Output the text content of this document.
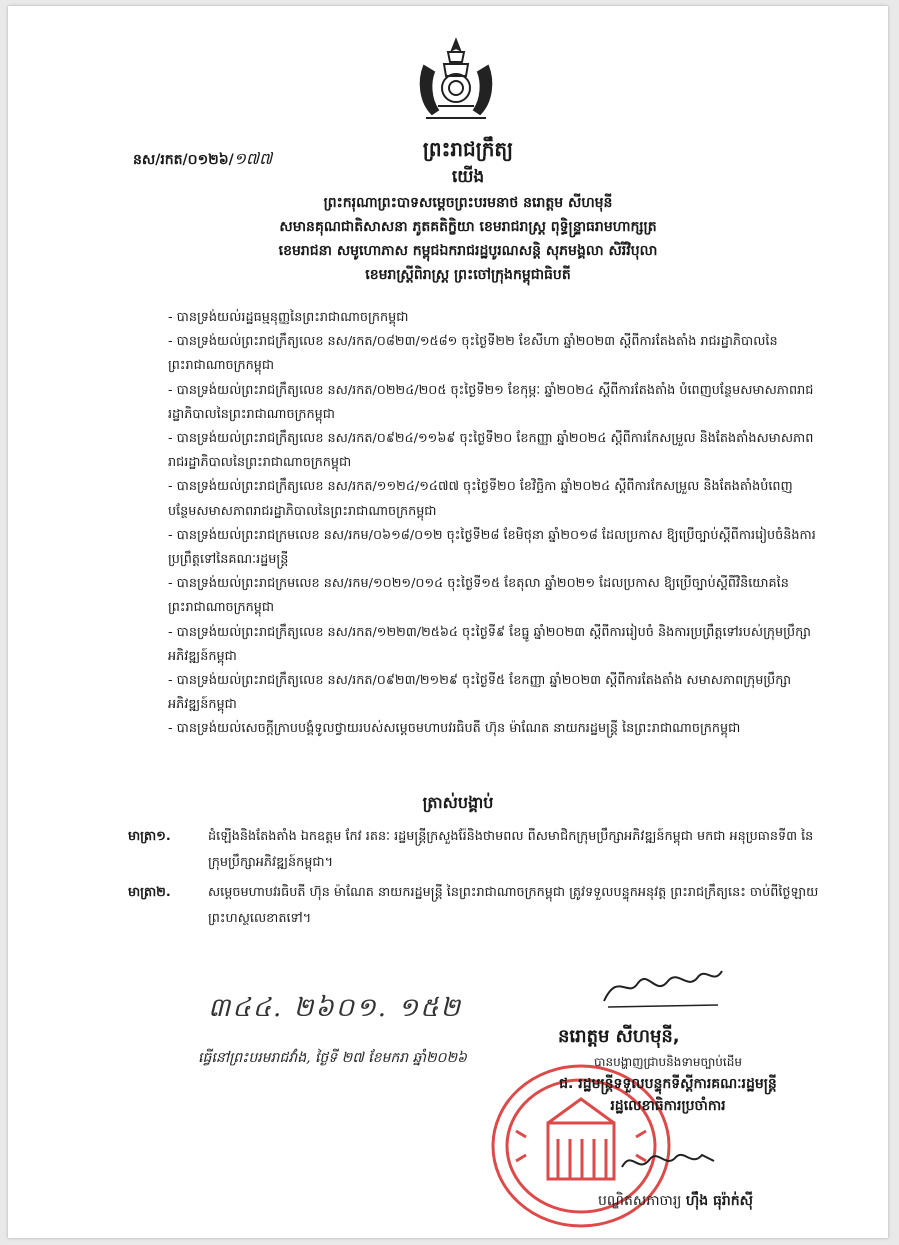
នស/រកត/០១២៦/១៧៧	ព្រះរាជក្រឹត្យ
យើង
ព្រះករុណាព្រះបាទសម្តេចព្រះបរមនាថ នរោត្តម សីហមុនី
សមានគុណជាតិសាសនា ភូតគតិក្ខិយា ខេមរាជរាស្ត្រ ពុទ្ធិន្ទ្រាធរាមហាក្សត្រ
ខេមរាជនា សមូហោភាស កម្ពុជឯករាជរដ្ឋបូរណសន្តិ សុភមង្គលា សិរីវិបុលា
ខេមរាស្ត្រីពិរាស្ត្រ ព្រះចៅក្រុងកម្ពុជាធិបតី
- បានទ្រង់យល់រដ្ឋធម្មនុញ្ញនៃព្រះរាជាណាចក្រកម្ពុជា
- បានទ្រង់យល់ព្រះរាជក្រឹត្យលេខ នស/រកត/០៨២៣/១៥៨១ ចុះថ្ងៃទី២២ ខែសីហា ឆ្នាំ២០២៣ ស្តីពីការតែងតាំង រាជរដ្ឋាភិបាលនៃព្រះរាជាណាចក្រកម្ពុជា
- បានទ្រង់យល់ព្រះរាជក្រឹត្យលេខ នស/រកត/០២២៤/២០៥ ចុះថ្ងៃទី២១ ខែកុម្ភៈ ឆ្នាំ២០២៤ ស្តីពីការតែងតាំង បំពេញបន្ថែមសមាសភាពរាជរដ្ឋាភិបាលនៃព្រះរាជាណាចក្រកម្ពុជា
- បានទ្រង់យល់ព្រះរាជក្រឹត្យលេខ នស/រកត/០៩២៤/១១៦៩ ចុះថ្ងៃទី២០ ខែកញ្ញា ឆ្នាំ២០២៤ ស្តីពីការកែសម្រួល និងតែងតាំងសមាសភាពរាជរដ្ឋាភិបាលនៃព្រះរាជាណាចក្រកម្ពុជា
- បានទ្រង់យល់ព្រះរាជក្រឹត្យលេខ នស/រកត/១១២៤/១៤៧៧ ចុះថ្ងៃទី២០ ខែវិច្ឆិកា ឆ្នាំ២០២៤ ស្តីពីការកែសម្រួល និងតែងតាំងបំពេញបន្ថែមសមាសភាពរាជរដ្ឋាភិបាលនៃព្រះរាជាណាចក្រកម្ពុជា
- បានទ្រង់យល់ព្រះរាជក្រមលេខ នស/រកម/០៦១៨/០១២ ចុះថ្ងៃទី២៨ ខែមិថុនា ឆ្នាំ២០១៨ ដែលប្រកាស ឱ្យប្រើច្បាប់ស្តីពីការរៀបចំនិងការប្រព្រឹត្តទៅនៃគណៈរដ្ឋមន្ត្រី
- បានទ្រង់យល់ព្រះរាជក្រមលេខ នស/រកម/១០២១/០១៤ ចុះថ្ងៃទី១៥ ខែតុលា ឆ្នាំ២០២១ ដែលប្រកាស ឱ្យប្រើច្បាប់ស្តីពីវិនិយោគនៃព្រះរាជាណាចក្រកម្ពុជា
- បានទ្រង់យល់ព្រះរាជក្រឹត្យលេខ នស/រកត/១២២៣/២៥៦៤ ចុះថ្ងៃទី៩ ខែធ្នូ ឆ្នាំ២០២៣ ស្តីពីការរៀបចំ និងការប្រព្រឹត្តទៅរបស់ក្រុមប្រឹក្សាអភិវឌ្ឍន៍កម្ពុជា
- បានទ្រង់យល់ព្រះរាជក្រឹត្យលេខ នស/រកត/០៩២៣/២១២៩ ចុះថ្ងៃទី៥ ខែកញ្ញា ឆ្នាំ២០២៣ ស្តីពីការតែងតាំង សមាសភាពក្រុមប្រឹក្សាអភិវឌ្ឍន៍កម្ពុជា
- បានទ្រង់យល់សេចក្តីក្រាបបង្គំទូលថ្វាយរបស់សម្តេចមហាបវរធិបតី ហ៊ុន ម៉ាណែត នាយករដ្ឋមន្ត្រី នៃព្រះរាជាណាចក្រកម្ពុជា
ត្រាស់បង្គាប់
មាត្រា១.	ដំឡើងនិងតែងតាំង ឯកឧត្តម កែវ រតនៈ រដ្ឋមន្ត្រីក្រសួងរ៉ែនិងថាមពល ពីសមាជិកក្រុមប្រឹក្សាអភិវឌ្ឍន៍កម្ពុជា មកជា អនុប្រធានទី៣ នៃក្រុមប្រឹក្សាអភិវឌ្ឍន៍កម្ពុជា។
មាត្រា២.	សម្តេចមហាបវរធិបតី ហ៊ុន ម៉ាណែត នាយករដ្ឋមន្ត្រី នៃព្រះរាជាណាចក្រកម្ពុជា ត្រូវទទួលបន្ទុកអនុវត្ត ព្រះរាជក្រឹត្យនេះ ចាប់ពីថ្ងៃឡាយព្រះហស្ថលេខាតទៅ។
៣៤៤. ២៦០១. ១៥២
ធ្វើនៅព្រះបរមរាជវាំង, ថ្ងៃទី ២៧ ខែមករា ឆ្នាំ២០២៦
នរោត្តម សីហមុនី,
បានបង្ហាញជ្រាបនិងទាមច្បាប់ដើម
ជ. រដ្ឋមន្ត្រីទទួលបន្ទុកទីស្តីការគណៈរដ្ឋមន្ត្រី
រដ្ឋលេខាធិការប្រចាំការ
បណ្ឌិតសភាចារ្យ ហ៊ឹង ធុរ៉ាក់សុី
